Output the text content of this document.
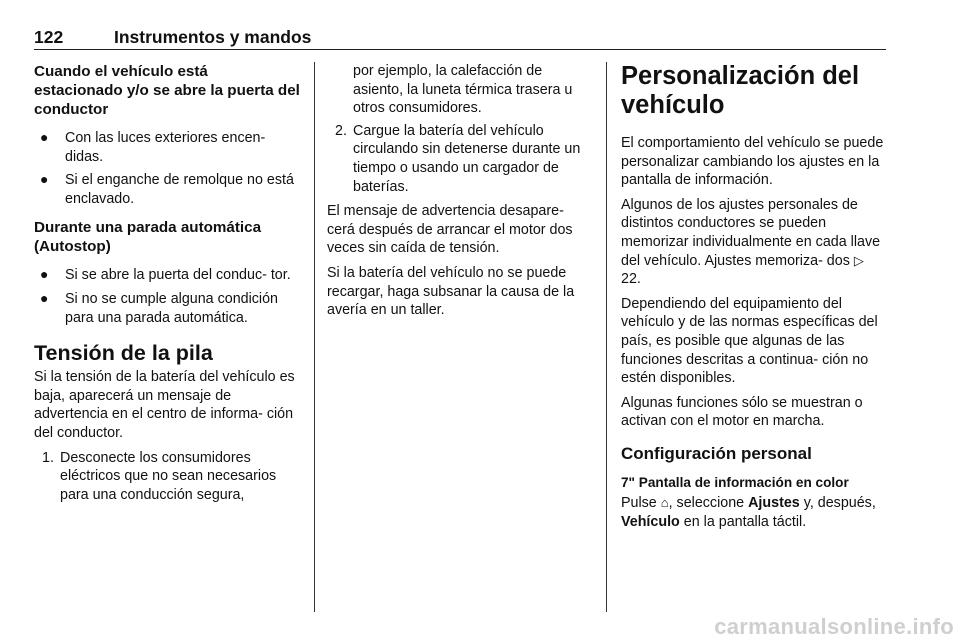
122	Instrumentos y mandos
Cuando el vehículo está estacionado y/o se abre la puerta del conductor
● Con las luces exteriores encen- didas.
● Si el enganche de remolque no está enclavado.
Durante una parada automática (Autostop)
● Si se abre la puerta del conduc- tor.
● Si no se cumple alguna condición para una parada automática.
Tensión de la pila

Si la tensión de la batería del vehículo es baja, aparecerá un mensaje de advertencia en el centro de informa- ción del conductor.

1. Desconecte los consumidores eléctricos que no sean necesarios para una conducción segura,
por ejemplo, la calefacción de asiento, la luneta térmica trasera u otros consumidores.
2. Cargue la batería del vehículo circulando sin detenerse durante un tiempo o usando un cargador de baterías.

El mensaje de advertencia desapare- cerá después de arrancar el motor dos veces sin caída de tensión.

Si la batería del vehículo no se puede recargar, haga subsanar la causa de la avería en un taller.

Personalización del vehículo

El comportamiento del vehículo se puede personalizar cambiando los ajustes en la pantalla de información.

Algunos de los ajustes personales de distintos conductores se pueden memorizar individualmente en cada llave del vehículo. Ajustes memoriza- dos ▷ 22.

Dependiendo del equipamiento del vehículo y de las normas específicas del país, es posible que algunas de las funciones descritas a continua- ción no estén disponibles.

Algunas funciones sólo se muestran o activan con el motor en marcha.

Configuración personal
7" Pantalla de información en color

Pulse ⌂, seleccione Ajustes y, después, Vehículo en la pantalla táctil.

carmanualsonline.info
